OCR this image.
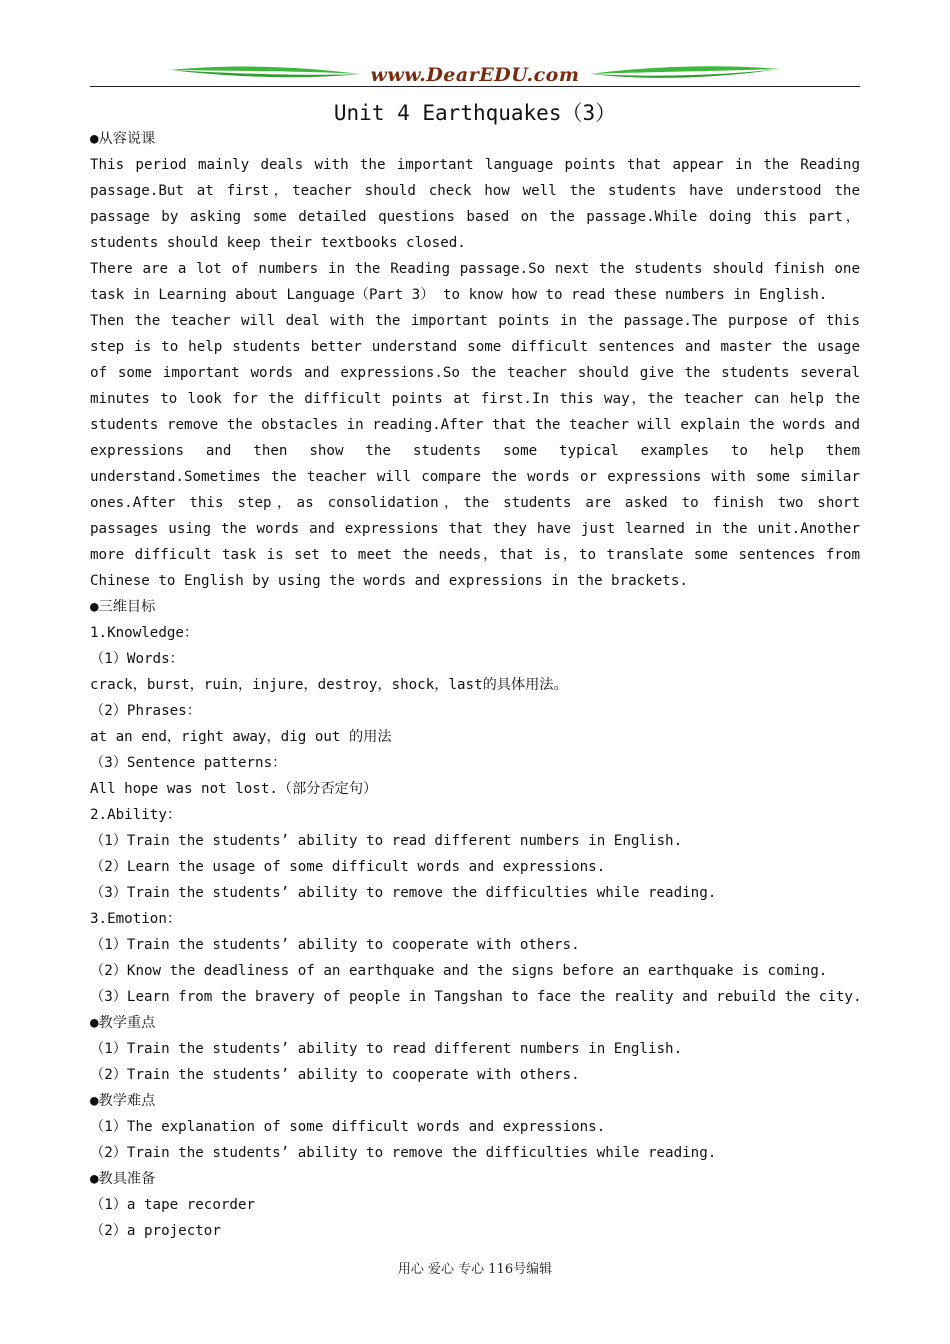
www.DearEDU.com
Unit 4 Earthquakes（3）
● 从容说课
This period mainly deals with the important language points that appear in the Reading passage.But at first，teacher should check how well the students have understood the passage by asking some detailed questions based on the passage.While doing this part，students should keep their textbooks closed.
There are a lot of numbers in the Reading passage.So next the students should finish one task in Learning about Language（Part 3） to know how to read these numbers in English.
Then the teacher will deal with the important points in the passage.The purpose of this step is to help students better understand some difficult sentences and master the usage of some important words and expressions.So the teacher should give the students several minutes to look for the difficult points at first.In this way，the teacher can help the students remove the obstacles in reading.After that the teacher will explain the words and expressions and then show the students some typical examples to help them understand.Sometimes the teacher will compare the words or expressions with some similar ones.After this step，as consolidation，the students are asked to finish two short passages using the words and expressions that they have just learned in the unit.Another more difficult task is set to meet the needs，that is，to translate some sentences from Chinese to English by using the words and expressions in the brackets.
● 三维目标
1.Knowledge：
（1）Words：
crack，burst，ruin，injure，destroy，shock，last的具体用法。
（2）Phrases：
at an end，right away，dig out 的用法
（3）Sentence patterns：
All hope was not lost.（部分否定句）
2.Ability：
（1）Train the students’ ability to read different numbers in English.
（2）Learn the usage of some difficult words and expressions.
（3）Train the students’ ability to remove the difficulties while reading.
3.Emotion：
（1）Train the students’ ability to cooperate with others.
（2）Know the deadliness of an earthquake and the signs before an earthquake is coming.
（3）Learn from the bravery of people in Tangshan to face the reality and rebuild the city.
● 教学重点
（1）Train the students’ ability to read different numbers in English.
（2）Train the students’ ability to cooperate with others.
● 教学难点
（1）The explanation of some difficult words and expressions.
（2）Train the students’ ability to remove the difficulties while reading.
● 教具准备
（1）a tape recorder
（2）a projector
用心 爱心 专心 116号编辑
